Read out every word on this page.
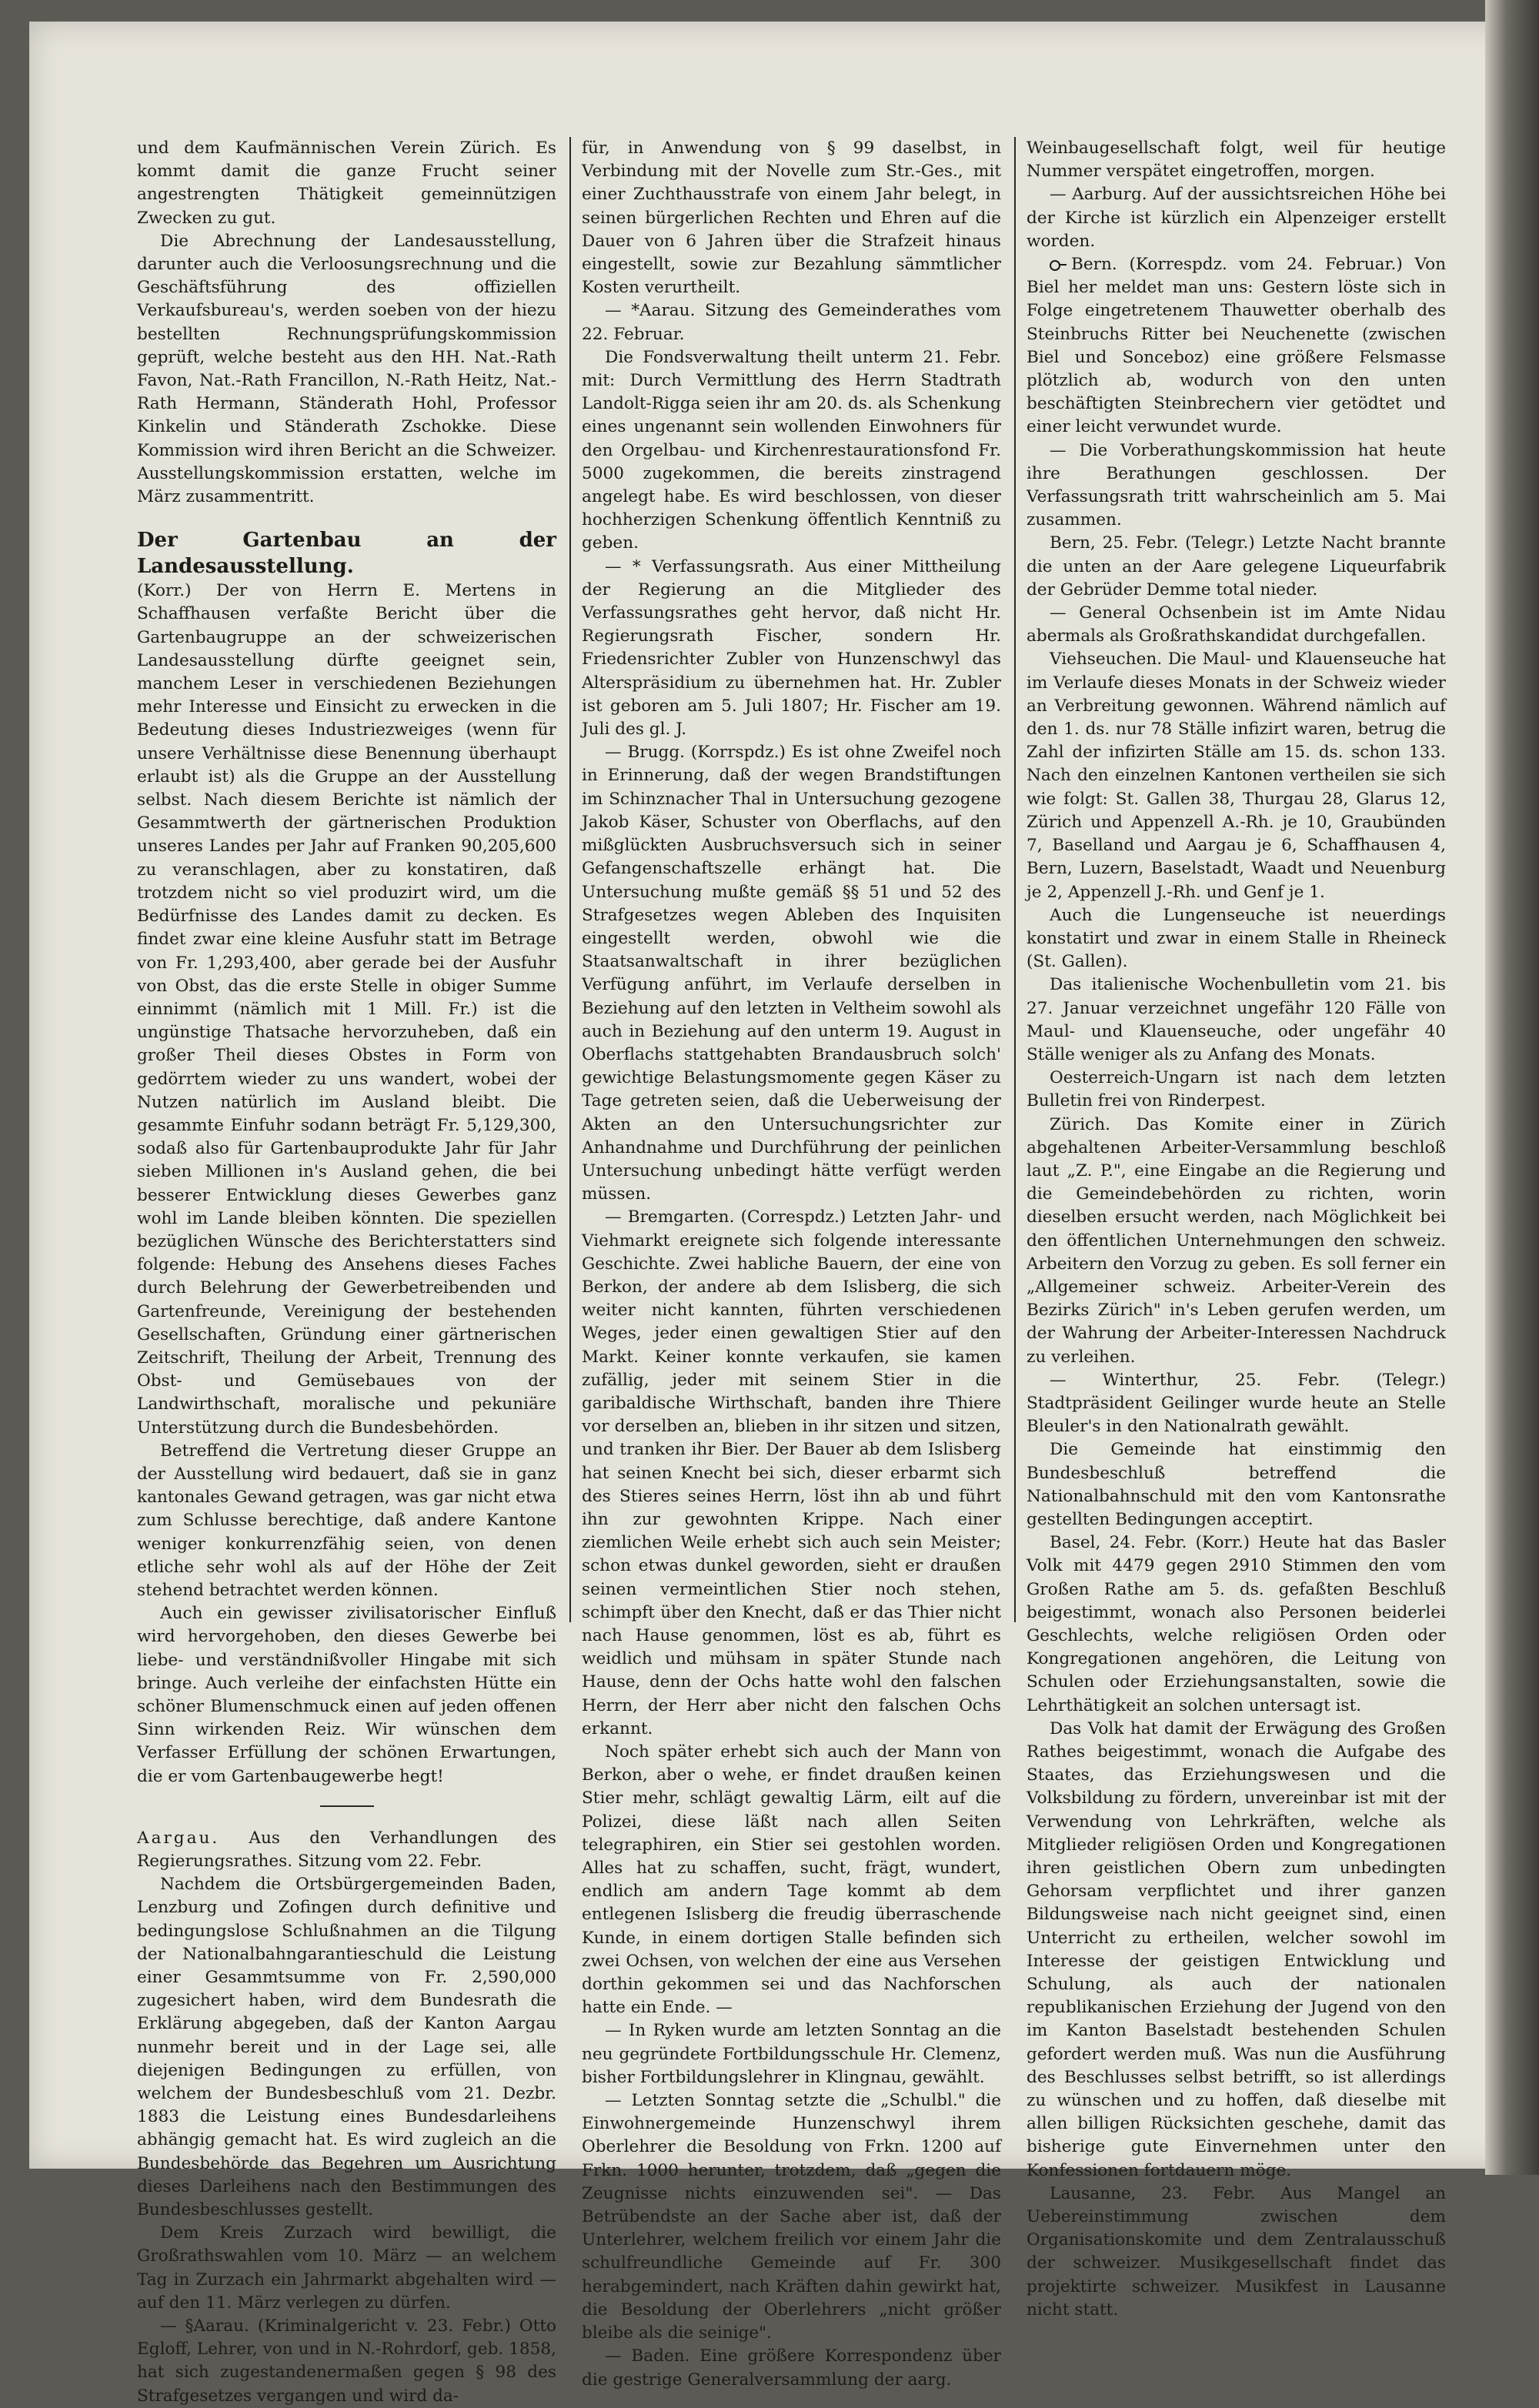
und dem Kaufmännischen Verein Zürich. Es kommt damit die ganze Frucht seiner angestrengten Thätigkeit gemeinnützigen Zwecken zu gut.

Die Abrechnung der Landesausstellung, darunter auch die Verloosungsrechnung und die Geschäftsführung des offiziellen Verkaufsbureau's, werden soeben von der hiezu bestellten Rechnungsprüfungskommission geprüft, welche besteht aus den HH. Nat.-Rath Favon, Nat.-Rath Francillon, N.-Rath Heitz, Nat.-Rath Hermann, Ständerath Hohl, Professor Kinkelin und Ständerath Zschokke. Diese Kommission wird ihren Bericht an die Schweizer. Ausstellungskommission erstatten, welche im März zusammentritt.

Der Gartenbau an der Landesausstellung.

(Korr.) Der von Herrn E. Mertens in Schaffhausen verfaßte Bericht über die Gartenbaugruppe an der schweizerischen Landesausstellung dürfte geeignet sein, manchem Leser in verschiedenen Beziehungen mehr Interesse und Einsicht zu erwecken in die Bedeutung dieses Industriezweiges (wenn für unsere Verhältnisse diese Benennung überhaupt erlaubt ist) als die Gruppe an der Ausstellung selbst. Nach diesem Berichte ist nämlich der Gesammtwerth der gärtnerischen Produktion unseres Landes per Jahr auf Franken 90,205,600 zu veranschlagen, aber zu konstatiren, daß trotzdem nicht so viel produzirt wird, um die Bedürfnisse des Landes damit zu decken. Es findet zwar eine kleine Ausfuhr statt im Betrage von Fr. 1,293,400, aber gerade bei der Ausfuhr von Obst, das die erste Stelle in obiger Summe einnimmt (nämlich mit 1 Mill. Fr.) ist die ungünstige Thatsache hervorzuheben, daß ein großer Theil dieses Obstes in Form von gedörrtem wieder zu uns wandert, wobei der Nutzen natürlich im Ausland bleibt. Die gesammte Einfuhr sodann beträgt Fr. 5,129,300, sodaß also für Gartenbauprodukte Jahr für Jahr sieben Millionen in's Ausland gehen, die bei besserer Entwicklung dieses Gewerbes ganz wohl im Lande bleiben könnten. Die speziellen bezüglichen Wünsche des Berichterstatters sind folgende: Hebung des Ansehens dieses Faches durch Belehrung der Gewerbetreibenden und Gartenfreunde, Vereinigung der bestehenden Gesellschaften, Gründung einer gärtnerischen Zeitschrift, Theilung der Arbeit, Trennung des Obst- und Gemüsebaues von der Landwirthschaft, moralische und pekuniäre Unterstützung durch die Bundesbehörden.

Betreffend die Vertretung dieser Gruppe an der Ausstellung wird bedauert, daß sie in ganz kantonales Gewand getragen, was gar nicht etwa zum Schlusse berechtige, daß andere Kantone weniger konkurrenzfähig seien, von denen etliche sehr wohl als auf der Höhe der Zeit stehend betrachtet werden können.

Auch ein gewisser zivilisatorischer Einfluß wird hervorgehoben, den dieses Gewerbe bei liebe- und verständnißvoller Hingabe mit sich bringe. Auch verleihe der einfachsten Hütte ein schöner Blumenschmuck einen auf jeden offenen Sinn wirkenden Reiz. Wir wünschen dem Verfasser Erfüllung der schönen Erwartungen, die er vom Gartenbaugewerbe hegt!

Aargau. Aus den Verhandlungen des Regierungsrathes. Sitzung vom 22. Febr.

Nachdem die Ortsbürgergemeinden Baden, Lenzburg und Zofingen durch definitive und bedingungslose Schlußnahmen an die Tilgung der Nationalbahngarantieschuld die Leistung einer Gesammtsumme von Fr. 2,590,000 zugesichert haben, wird dem Bundesrath die Erklärung abgegeben, daß der Kanton Aargau nunmehr bereit und in der Lage sei, alle diejenigen Bedingungen zu erfüllen, von welchem der Bundesbeschluß vom 21. Dezbr. 1883 die Leistung eines Bundesdarleihens abhängig gemacht hat. Es wird zugleich an die Bundesbehörde das Begehren um Ausrichtung dieses Darleihens nach den Bestimmungen des Bundesbeschlusses gestellt.

Dem Kreis Zurzach wird bewilligt, die Großrathswahlen vom 10. März — an welchem Tag in Zurzach ein Jahrmarkt abgehalten wird — auf den 11. März verlegen zu dürfen.

— §Aarau. (Kriminalgericht v. 23. Febr.) Otto Egloff, Lehrer, von und in N.-Rohrdorf, geb. 1858, hat sich zugestandenermaßen gegen § 98 des Strafgesetzes vergangen und wird da-

für, in Anwendung von § 99 daselbst, in Verbindung mit der Novelle zum Str.-Ges., mit einer Zuchthausstrafe von einem Jahr belegt, in seinen bürgerlichen Rechten und Ehren auf die Dauer von 6 Jahren über die Strafzeit hinaus eingestellt, sowie zur Bezahlung sämmtlicher Kosten verurtheilt.

— *Aarau. Sitzung des Gemeinderathes vom 22. Februar.

Die Fondsverwaltung theilt unterm 21. Febr. mit: Durch Vermittlung des Herrn Stadtrath Landolt-Rigga seien ihr am 20. ds. als Schenkung eines ungenannt sein wollenden Einwohners für den Orgelbau- und Kirchenrestaurationsfond Fr. 5000 zugekommen, die bereits zinstragend angelegt habe. Es wird beschlossen, von dieser hochherzigen Schenkung öffentlich Kenntniß zu geben.

— * Verfassungsrath. Aus einer Mittheilung der Regierung an die Mitglieder des Verfassungsrathes geht hervor, daß nicht Hr. Regierungsrath Fischer, sondern Hr. Friedensrichter Zubler von Hunzenschwyl das Alterspräsidium zu übernehmen hat. Hr. Zubler ist geboren am 5. Juli 1807; Hr. Fischer am 19. Juli des gl. J.

— Brugg. (Korrspdz.) Es ist ohne Zweifel noch in Erinnerung, daß der wegen Brandstiftungen im Schinznacher Thal in Untersuchung gezogene Jakob Käser, Schuster von Oberflachs, auf den mißglückten Ausbruchsversuch sich in seiner Gefangenschaftszelle erhängt hat. Die Untersuchung mußte gemäß §§ 51 und 52 des Strafgesetzes wegen Ableben des Inquisiten eingestellt werden, obwohl wie die Staatsanwaltschaft in ihrer bezüglichen Verfügung anführt, im Verlaufe derselben in Beziehung auf den letzten in Veltheim sowohl als auch in Beziehung auf den unterm 19. August in Oberflachs stattgehabten Brandausbruch solch' gewichtige Belastungsmomente gegen Käser zu Tage getreten seien, daß die Ueberweisung der Akten an den Untersuchungsrichter zur Anhandnahme und Durchführung der peinlichen Untersuchung unbedingt hätte verfügt werden müssen.

— Bremgarten. (Correspdz.) Letzten Jahr- und Viehmarkt ereignete sich folgende interessante Geschichte. Zwei habliche Bauern, der eine von Berkon, der andere ab dem Islisberg, die sich weiter nicht kannten, führten verschiedenen Weges, jeder einen gewaltigen Stier auf den Markt. Keiner konnte verkaufen, sie kamen zufällig, jeder mit seinem Stier in die garibaldische Wirthschaft, banden ihre Thiere vor derselben an, blieben in ihr sitzen und sitzen, und tranken ihr Bier. Der Bauer ab dem Islisberg hat seinen Knecht bei sich, dieser erbarmt sich des Stieres seines Herrn, löst ihn ab und führt ihn zur gewohnten Krippe. Nach einer ziemlichen Weile erhebt sich auch sein Meister; schon etwas dunkel geworden, sieht er draußen seinen vermeintlichen Stier noch stehen, schimpft über den Knecht, daß er das Thier nicht nach Hause genommen, löst es ab, führt es weidlich und mühsam in später Stunde nach Hause, denn der Ochs hatte wohl den falschen Herrn, der Herr aber nicht den falschen Ochs erkannt.

Noch später erhebt sich auch der Mann von Berkon, aber o wehe, er findet draußen keinen Stier mehr, schlägt gewaltig Lärm, eilt auf die Polizei, diese läßt nach allen Seiten telegraphiren, ein Stier sei gestohlen worden. Alles hat zu schaffen, sucht, frägt, wundert, endlich am andern Tage kommt ab dem entlegenen Islisberg die freudig überraschende Kunde, in einem dortigen Stalle befinden sich zwei Ochsen, von welchen der eine aus Versehen dorthin gekommen sei und das Nachforschen hatte ein Ende. —

— In Ryken wurde am letzten Sonntag an die neu gegründete Fortbildungsschule Hr. Clemenz, bisher Fortbildungslehrer in Klingnau, gewählt.

— Letzten Sonntag setzte die „Schulbl." die Einwohnergemeinde Hunzenschwyl ihrem Oberlehrer die Besoldung von Frkn. 1200 auf Frkn. 1000 herunter, trotzdem, daß „gegen die Zeugnisse nichts einzuwenden sei". — Das Betrübendste an der Sache aber ist, daß der Unterlehrer, welchem freilich vor einem Jahr die schulfreundliche Gemeinde auf Fr. 300 herabgemindert, nach Kräften dahin gewirkt hat, die Besoldung der Oberlehrers „nicht größer bleibe als die seinige".

— Baden. Eine größere Korrespondenz über die gestrige Generalversammlung der aarg.

Weinbaugesellschaft folgt, weil für heutige Nummer verspätet eingetroffen, morgen.

— Aarburg. Auf der aussichtsreichen Höhe bei der Kirche ist kürzlich ein Alpenzeiger erstellt worden.

Bern. (Korrespdz. vom 24. Februar.) Von Biel her meldet man uns: Gestern löste sich in Folge eingetretenem Thauwetter oberhalb des Steinbruchs Ritter bei Neuchenette (zwischen Biel und Sonceboz) eine größere Felsmasse plötzlich ab, wodurch von den unten beschäftigten Steinbrechern vier getödtet und einer leicht verwundet wurde.

— Die Vorberathungskommission hat heute ihre Berathungen geschlossen. Der Verfassungsrath tritt wahrscheinlich am 5. Mai zusammen.

Bern, 25. Febr. (Telegr.) Letzte Nacht brannte die unten an der Aare gelegene Liqueurfabrik der Gebrüder Demme total nieder.

— General Ochsenbein ist im Amte Nidau abermals als Großrathskandidat durchgefallen.

Viehseuchen. Die Maul- und Klauenseuche hat im Verlaufe dieses Monats in der Schweiz wieder an Verbreitung gewonnen. Während nämlich auf den 1. ds. nur 78 Ställe infizirt waren, betrug die Zahl der infizirten Ställe am 15. ds. schon 133. Nach den einzelnen Kantonen vertheilen sie sich wie folgt: St. Gallen 38, Thurgau 28, Glarus 12, Zürich und Appenzell A.-Rh. je 10, Graubünden 7, Baselland und Aargau je 6, Schaffhausen 4, Bern, Luzern, Baselstadt, Waadt und Neuenburg je 2, Appenzell J.-Rh. und Genf je 1.

Auch die Lungenseuche ist neuerdings konstatirt und zwar in einem Stalle in Rheineck (St. Gallen).

Das italienische Wochenbulletin vom 21. bis 27. Januar verzeichnet ungefähr 120 Fälle von Maul- und Klauenseuche, oder ungefähr 40 Ställe weniger als zu Anfang des Monats.

Oesterreich-Ungarn ist nach dem letzten Bulletin frei von Rinderpest.

Zürich. Das Komite einer in Zürich abgehaltenen Arbeiter-Versammlung beschloß laut „Z. P.", eine Eingabe an die Regierung und die Gemeindebehörden zu richten, worin dieselben ersucht werden, nach Möglichkeit bei den öffentlichen Unternehmungen den schweiz. Arbeitern den Vorzug zu geben. Es soll ferner ein „Allgemeiner schweiz. Arbeiter-Verein des Bezirks Zürich" in's Leben gerufen werden, um der Wahrung der Arbeiter-Interessen Nachdruck zu verleihen.

— Winterthur, 25. Febr. (Telegr.) Stadtpräsident Geilinger wurde heute an Stelle Bleuler's in den Nationalrath gewählt.

Die Gemeinde hat einstimmig den Bundesbeschluß betreffend die Nationalbahnschuld mit den vom Kantonsrathe gestellten Bedingungen acceptirt.

Basel, 24. Febr. (Korr.) Heute hat das Basler Volk mit 4479 gegen 2910 Stimmen den vom Großen Rathe am 5. ds. gefaßten Beschluß beigestimmt, wonach also Personen beiderlei Geschlechts, welche religiösen Orden oder Kongregationen angehören, die Leitung von Schulen oder Erziehungsanstalten, sowie die Lehrthätigkeit an solchen untersagt ist.

Das Volk hat damit der Erwägung des Großen Rathes beigestimmt, wonach die Aufgabe des Staates, das Erziehungswesen und die Volksbildung zu fördern, unvereinbar ist mit der Verwendung von Lehrkräften, welche als Mitglieder religiösen Orden und Kongregationen ihren geistlichen Obern zum unbedingten Gehorsam verpflichtet und ihrer ganzen Bildungsweise nach nicht geeignet sind, einen Unterricht zu ertheilen, welcher sowohl im Interesse der geistigen Entwicklung und Schulung, als auch der nationalen republikanischen Erziehung der Jugend von den im Kanton Baselstadt bestehenden Schulen gefordert werden muß. Was nun die Ausführung des Beschlusses selbst betrifft, so ist allerdings zu wünschen und zu hoffen, daß dieselbe mit allen billigen Rücksichten geschehe, damit das bisherige gute Einvernehmen unter den Konfessionen fortdauern möge.

Lausanne, 23. Febr. Aus Mangel an Uebereinstimmung zwischen dem Organisationskomite und dem Zentralausschuß der schweizer. Musikgesellschaft findet das projektirte schweizer. Musikfest in Lausanne nicht statt.
